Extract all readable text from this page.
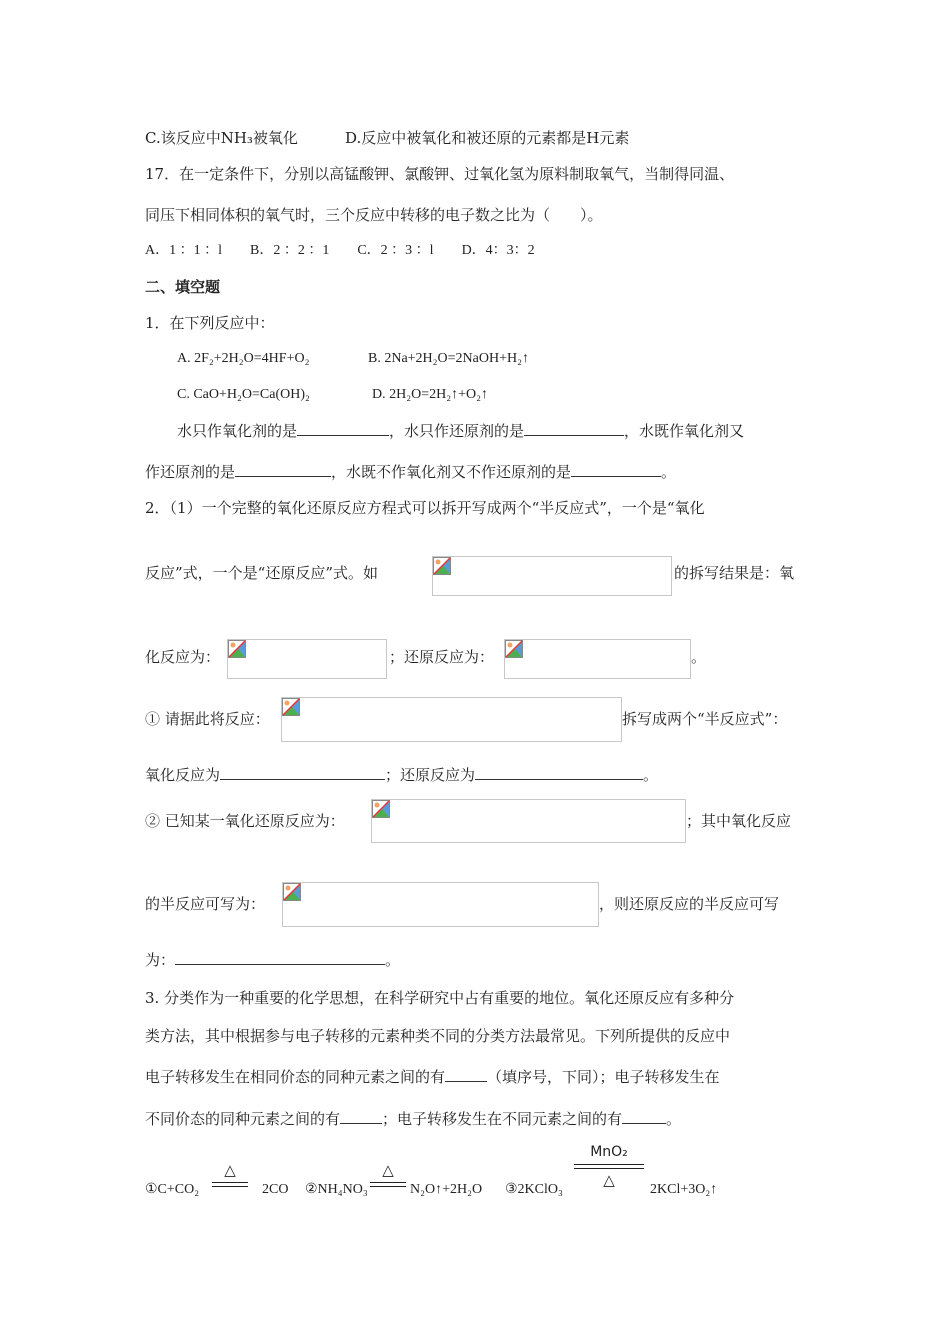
C.该反应中NH₃被氧化	D.反应中被氧化和被还原的元素都是H元素
17．在一定条件下，分别以高锰酸钾、氯酸钾、过氧化氢为原料制取氧气，当制得同温、
同压下相同体积的氧气时，三个反应中转移的电子数之比为（　　）。
A．1 ：1 ：l　　B．2 ：2 ：1　　C．2 ：3 ：l　　D．4：3：2
二、填空题
1．在下列反应中：
A. 2F₂+2H₂O=4HF+O₂	B. 2Na+2H₂O=2NaOH+H₂↑
C. CaO+H₂O=Ca(OH)₂	D. 2H₂O=2H₂↑+O₂↑
水只作氧化剂的是	，水只作还原剂的是	，水既作氧化剂又
作还原剂的是	，水既不作氧化剂又不作还原剂的是	。
2．（1）一个完整的氧化还原反应方程式可以拆开写成两个“半反应式”，一个是“氧化
反应”式，一个是“还原反应”式。如	的拆写结果是：氧
化反应为：	；还原反应为：	。
① 请据此将反应：	拆写成两个“半反应式”：
氧化反应为	；还原反应为	。
② 已知某一氧化还原反应为：	；其中氧化反应
的半反应可写为：	，则还原反应的半反应可写
为：	。
3. 分类作为一种重要的化学思想，在科学研究中占有重要的地位。氧化还原反应有多种分
类方法，其中根据参与电子转移的元素种类不同的分类方法最常见。下列所提供的反应中
电子转移发生在相同价态的同种元素之间的有	（填序号，下同）；电子转移发生在
不同价态的同种元素之间的有	；电子转移发生在不同元素之间的有	。
①C+CO₂
△
2CO ②NH₄NO₃
△
N₂O↑+2H₂O ③2KClO₃
MnO₂
△
2KCl+3O₂↑
